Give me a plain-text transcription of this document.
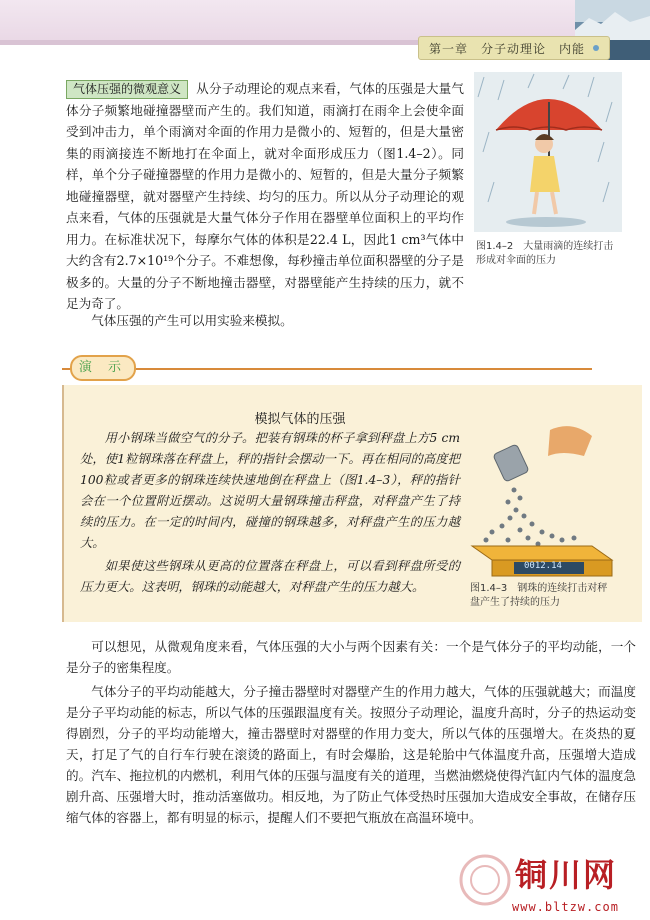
第一章　分子动理论　内能

气体压强的微观意义 从分子动理论的观点来看，气体的压强是大量气体分子频繁地碰撞器壁而产生的。我们知道，雨滴打在雨伞上会使伞面受到冲击力，单个雨滴对伞面的作用力是微小的、短暂的，但是大量密集的雨滴接连不断地打在伞面上，就对伞面形成压力（图1.4–2）。同样，单个分子碰撞器壁的作用力是微小的、短暂的，但是大量分子频繁地碰撞器壁，就对器壁产生持续、均匀的压力。所以从分子动理论的观点来看，气体的压强就是大量气体分子作用在器壁单位面积上的平均作用力。在标准状况下，每摩尔气体的体积是22.4 L，因此1 cm³气体中大约含有2.7×10¹⁹个分子。不难想像，每秒撞击单位面积器壁的分子是极多的。大量的分子不断地撞击器壁，对器壁能产生持续的压力，就不足为奇了。

气体压强的产生可以用实验来模拟。

图1.4–2　大量雨滴的连续打击形成对伞面的压力
演 示
模拟气体的压强

用小钢珠当做空气的分子。把装有钢珠的杯子拿到秤盘上方5 cm处，使1粒钢珠落在秤盘上，秤的指针会摆动一下。再在相同的高度把100粒或者更多的钢珠连续快速地倒在秤盘上（图1.4–3），秤的指针会在一个位置附近摆动。这说明大量钢珠撞击秤盘，对秤盘产生了持续的压力。在一定的时间内，碰撞的钢珠越多，对秤盘产生的压力越大。

如果使这些钢珠从更高的位置落在秤盘上，可以看到秤盘所受的压力更大。这表明，钢珠的动能越大，对秤盘产生的压力越大。

0012.14
图1.4–3　钢珠的连续打击对秤盘产生了持续的压力

可以想见，从微观角度来看，气体压强的大小与两个因素有关：一个是气体分子的平均动能，一个是分子的密集程度。

气体分子的平均动能越大，分子撞击器壁时对器壁产生的作用力越大，气体的压强就越大；而温度是分子平均动能的标志，所以气体的压强跟温度有关。按照分子动理论，温度升高时，分子的热运动变得剧烈，分子的平均动能增大，撞击器壁时对器壁的作用力变大，所以气体的压强增大。在炎热的夏天，打足了气的自行车行驶在滚烫的路面上，有时会爆胎，这是轮胎中气体温度升高，压强增大造成的。汽车、拖拉机的内燃机，利用气体的压强与温度有关的道理，当燃油燃烧使得汽缸内气体的温度急剧升高、压强增大时，推动活塞做功。相反地，为了防止气体受热时压强加大造成安全事故，在储存压缩气体的容器上，都有明显的标示，提醒人们不要把气瓶放在高温环境中。

铜川网
www.bltzw.com
